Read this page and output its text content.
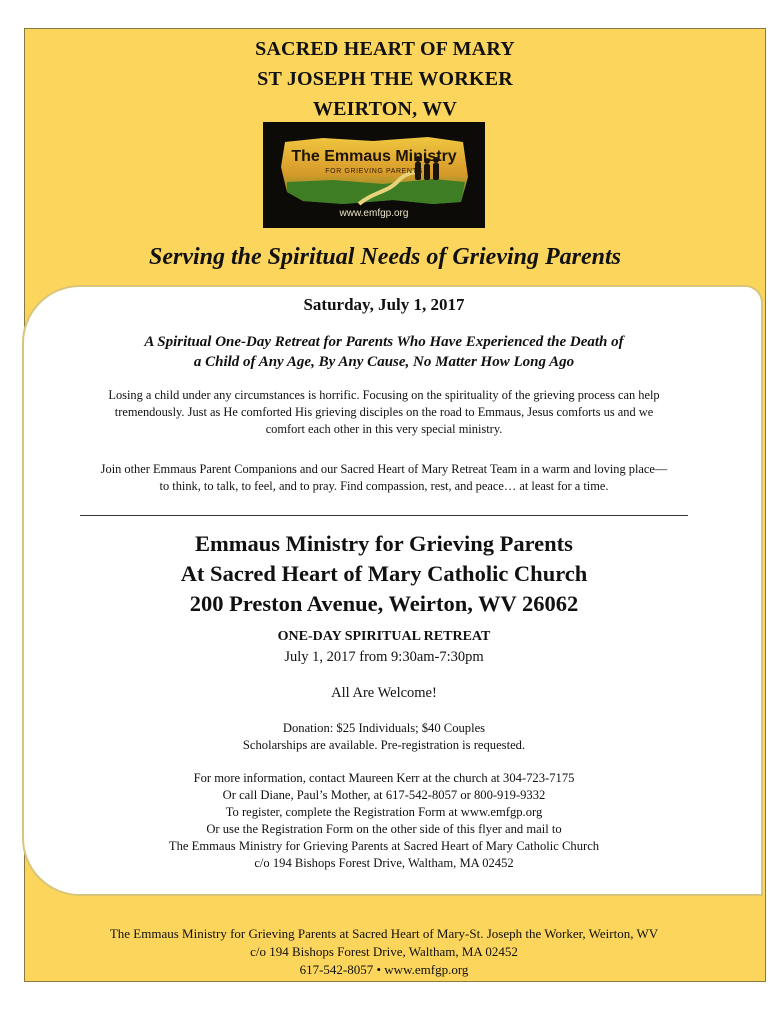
SACRED HEART OF MARY
ST JOSEPH THE WORKER
WEIRTON, WV
The Emmaus Ministry
FOR GRIEVING PARENTS
www.emfgp.org
Serving the Spiritual Needs of Grieving Parents
Saturday, July 1, 2017
A Spiritual One-Day Retreat for Parents Who Have Experienced the Death of
a Child of Any Age, By Any Cause, No Matter How Long Ago
Losing a child under any circumstances is horrific. Focusing on the spirituality of the grieving process can help
tremendously. Just as He comforted His grieving disciples on the road to Emmaus, Jesus comforts us and we
comfort each other in this very special ministry.
Join other Emmaus Parent Companions and our Sacred Heart of Mary Retreat Team in a warm and loving place—
to think, to talk, to feel, and to pray. Find compassion, rest, and peace… at least for a time.
Emmaus Ministry for Grieving Parents
At Sacred Heart of Mary Catholic Church
200 Preston Avenue, Weirton, WV 26062
ONE-DAY SPIRITUAL RETREAT
July 1, 2017 from 9:30am-7:30pm
All Are Welcome!
Donation: $25 Individuals; $40 Couples
Scholarships are available. Pre-registration is requested.
For more information, contact Maureen Kerr at the church at 304-723-7175
Or call Diane, Paul’s Mother, at 617-542-8057 or 800-919-9332
To register, complete the Registration Form at www.emfgp.org
Or use the Registration Form on the other side of this flyer and mail to
The Emmaus Ministry for Grieving Parents at Sacred Heart of Mary Catholic Church
c/o 194 Bishops Forest Drive, Waltham, MA 02452
The Emmaus Ministry for Grieving Parents at Sacred Heart of Mary-St. Joseph the Worker, Weirton, WV
c/o 194 Bishops Forest Drive, Waltham, MA 02452
617-542-8057 • www.emfgp.org
